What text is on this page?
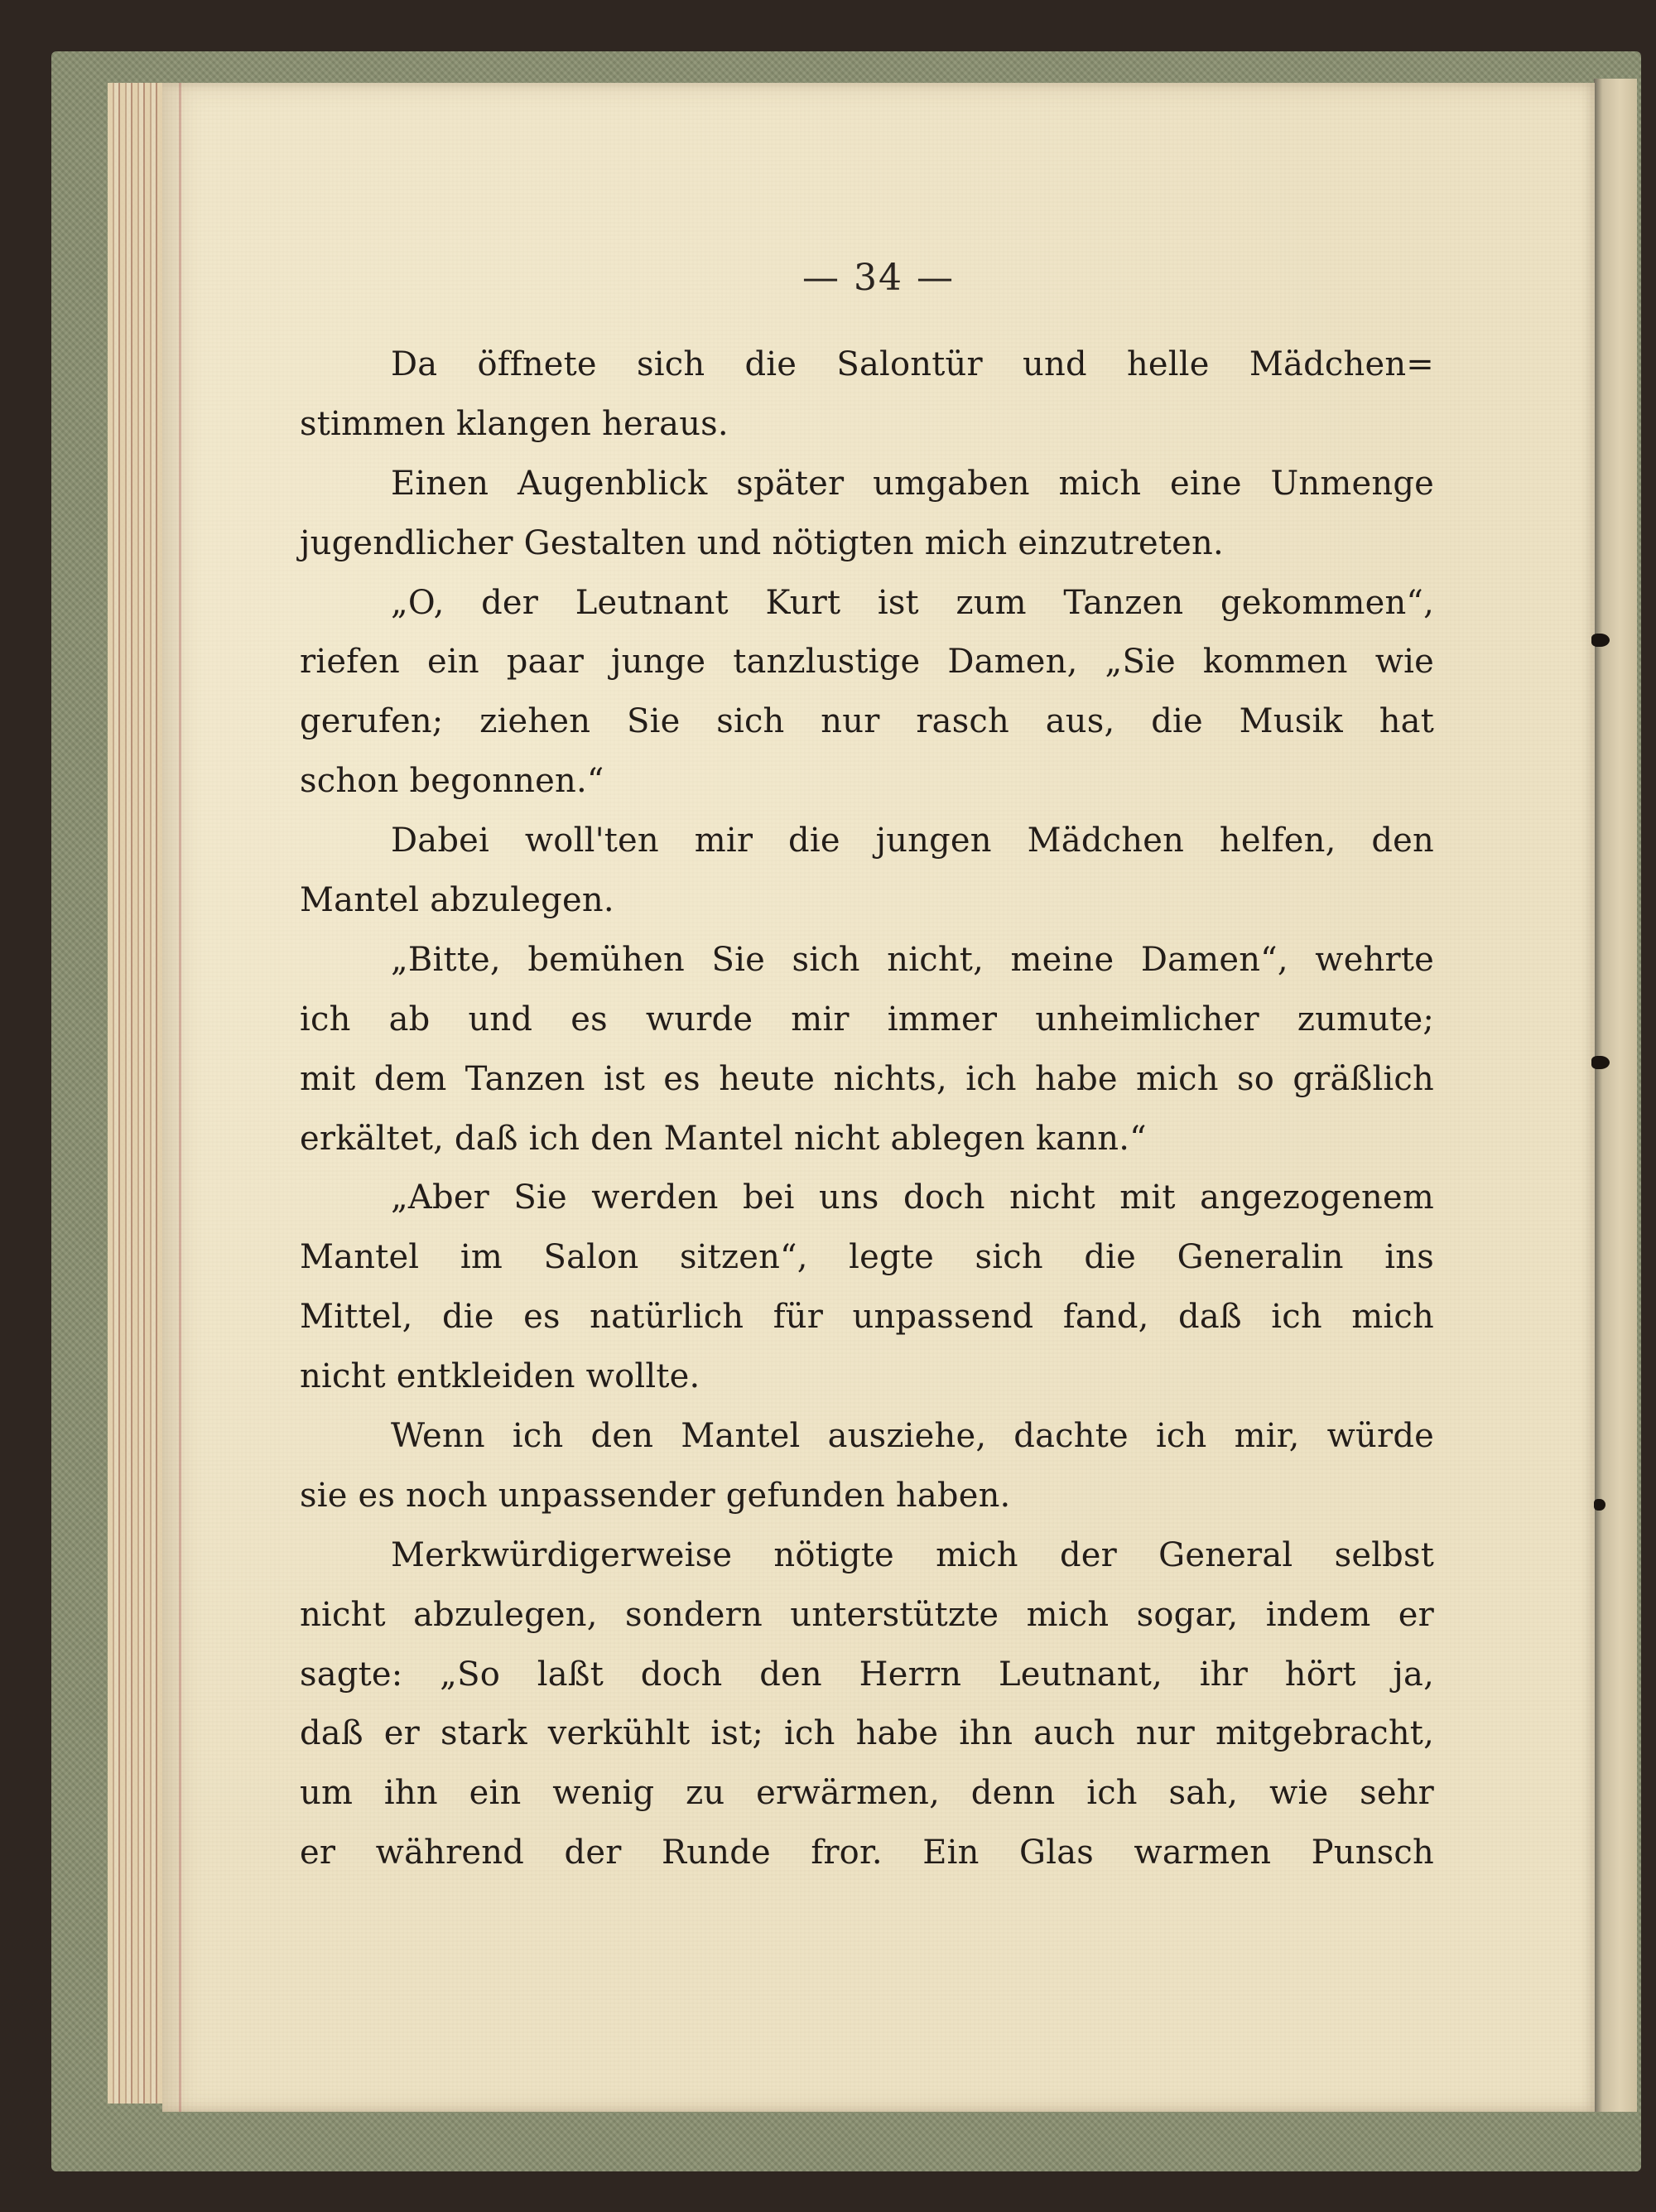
— 34 —
Da öffnete sich die Salontür und helle Mädchen=
stimmen klangen heraus.
Einen Augenblick später umgaben mich eine Unmenge
jugendlicher Gestalten und nötigten mich einzutreten.
„O, der Leutnant Kurt ist zum Tanzen gekommen“,
riefen ein paar junge tanzlustige Damen, „Sie kommen wie
gerufen; ziehen Sie sich nur rasch aus, die Musik hat
schon begonnen.“
Dabei woll'ten mir die jungen Mädchen helfen, den
Mantel abzulegen.
„Bitte, bemühen Sie sich nicht, meine Damen“, wehrte
ich ab und es wurde mir immer unheimlicher zumute;
mit dem Tanzen ist es heute nichts, ich habe mich so gräßlich
erkältet, daß ich den Mantel nicht ablegen kann.“
„Aber Sie werden bei uns doch nicht mit angezogenem
Mantel im Salon sitzen“, legte sich die Generalin ins
Mittel, die es natürlich für unpassend fand, daß ich mich
nicht entkleiden wollte.
Wenn ich den Mantel ausziehe, dachte ich mir, würde
sie es noch unpassender gefunden haben.
Merkwürdigerweise nötigte mich der General selbst
nicht abzulegen, sondern unterstützte mich sogar, indem er
sagte: „So laßt doch den Herrn Leutnant, ihr hört ja,
daß er stark verkühlt ist; ich habe ihn auch nur mitgebracht,
um ihn ein wenig zu erwärmen, denn ich sah, wie sehr
er während der Runde fror. Ein Glas warmen Punsch
